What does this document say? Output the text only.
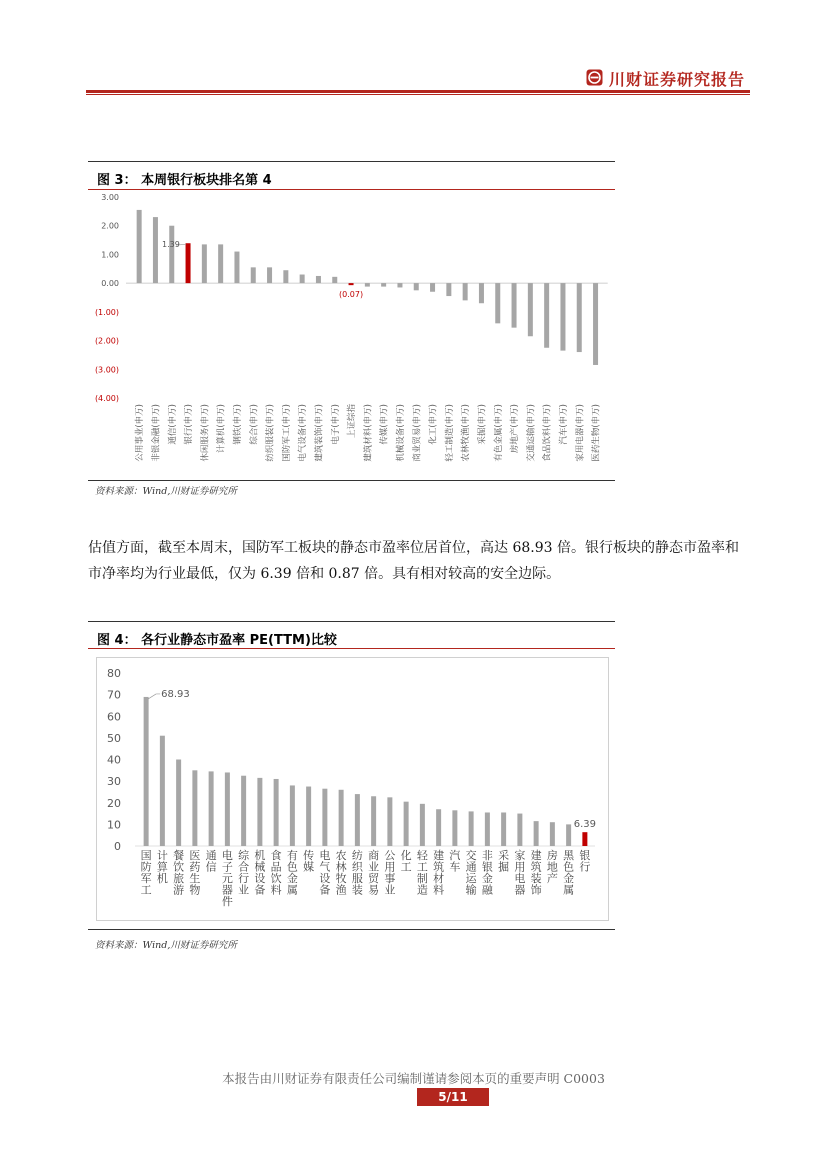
川财证券研究报告
图 3： 本周银行板块排名第 4
3.00
2.00
1.00
0.00
(1.00)
(2.00)
(3.00)
(4.00)
公用事业(申万) 非银金融(申万) 通信(申万) 银行(申万) 休闲服务(申万) 计算机(申万) 钢铁(申万) 综合(申万) 纺织服装(申万) 国防军工(申万) 电气设备(申万) 建筑装饰(申万) 电子(申万) 上证综指 建筑材料(申万) 传媒(申万) 机械设备(申万) 商业贸易(申万) 化工(申万) 轻工制造(申万) 农林牧渔(申万) 采掘(申万) 有色金属(申万) 房地产(申万) 交通运输(申万) 食品饮料(申万) 汽车(申万) 家用电器(申万) 医药生物(申万)
1.39
(0.07)
资料来源：Wind,川财证券研究所
估值方面，截至本周末，国防军工板块的静态市盈率位居首位，高达 68.93 倍。银行板块的静态市盈率和市净率均为行业最低，仅为 6.39 倍和 0.87 倍。具有相对较高的安全边际。
图 4： 各行业静态市盈率 PE(TTM)比较
0
10
20
30
40
50
60
70
80
国防军工
计算机
餐饮旅游
医药生物
通信
电子元器件
综合行业
机械设备
食品饮料
有色金属
传媒
电气设备
农林牧渔
纺织服装
商业贸易
公用事业
化工
轻工制造
建筑材料
汽车
交通运输
非银金融
采掘
家用电器
建筑装饰
房地产
黑色金属
银行
68.93
6.39
资料来源：Wind,川财证券研究所
本报告由川财证券有限责任公司编制谨请参阅本页的重要声明 C0003
5/11
